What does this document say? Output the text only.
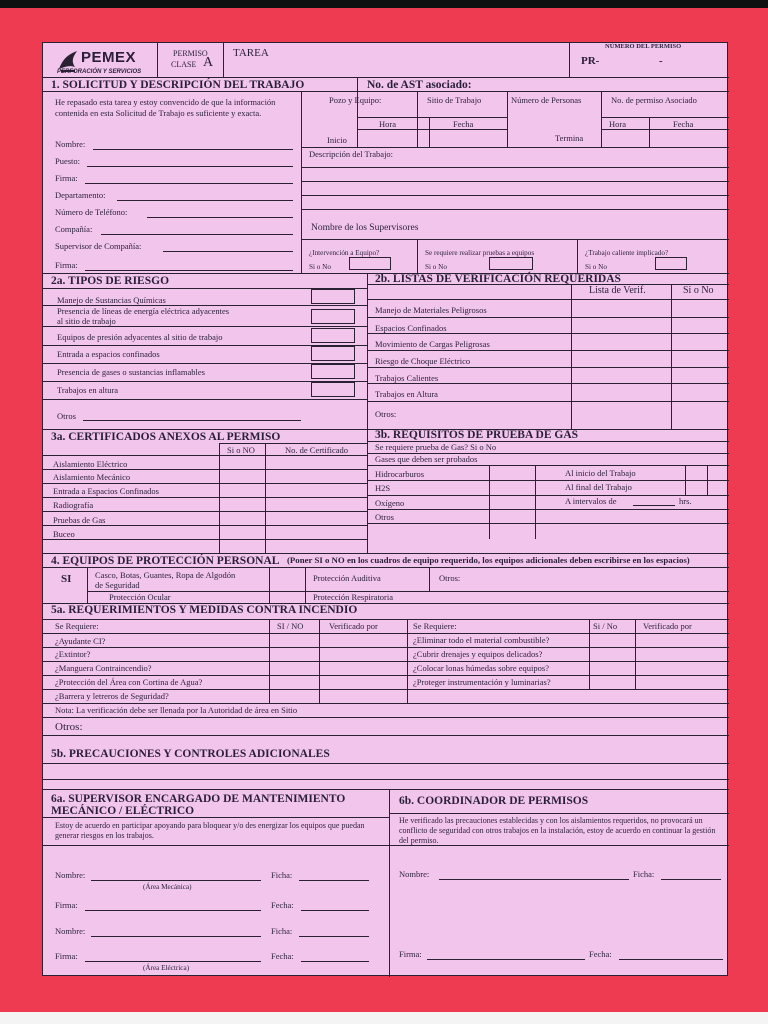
PEMEX
PERFORACIÓN Y SERVICIOS
PERMISO
CLASE A
TAREA
NÚMERO DEL PERMISO
PR-	-
1. SOLICITUD Y DESCRIPCIÓN DEL TRABAJO	No. de AST asociado:
He repasado esta tarea y estoy convencido de que la información contenida en esta Solicitud de Trabajo es suficiente y exacta.
Nombre:
Puesto:
Firma:
Departamento:
Número de Teléfono:
Compañía:
Supervisor de Compañía:
Firma:
Pozo y Equipo:	Sitio de Trabajo	Número de Personas	No. de permiso Asociado
Hora	Fecha	Hora	Fecha
Inicio	Termina
Descripción del Trabajo:
Nombre de los Supervisores
¿Intervención a Equipo?
Si o No
Se requiere realizar pruebas a equipos
Si o No
¿Trabajo caliente implicado?
Si o No
2a. TIPOS DE RIESGO	2b. LISTAS DE VERIFICACIÓN REQUERIDAS
Manejo de Sustancias Químicas
Presencia de líneas de energía eléctrica adyacentes
al sitio de trabajo
Equipos de presión adyacentes al sitio de trabajo
Entrada a espacios confinados
Presencia de gases o sustancias inflamables
Trabajos en altura
Otros
Lista de Verif.	Si o No
Manejo de Materiales Peligrosos
Espacios Confinados
Movimiento de Cargas Peligrosas
Riesgo de Choque Eléctrico
Trabajos Calientes
Trabajos en Altura
Otros:
3a. CERTIFICADOS ANEXOS AL PERMISO	3b. REQUISITOS DE PRUEBA DE GAS
Si o NO	No. de Certificado
Aislamiento Eléctrico
Aislamiento Mecánico
Entrada a Espacios Confinados
Radiografía
Pruebas de Gas
Buceo
Se requiere prueba de Gas? Si o No
Gases que deben ser probados
Hidrocarburos	Al inicio del Trabajo
H2S	Al final del Trabajo
Oxígeno	A intervalos de	hrs.
Otros
4. EQUIPOS DE PROTECCIÓN PERSONAL (Poner SI o NO en los cuadros de equipo requerido, los equipos adicionales deben escribirse en los espacios)
SI	Casco, Botas, Guantes, Ropa de Algodón
de Seguridad
Protección Auditiva	Otros:
Protección Ocular	Protección Respiratoria
5a. REQUERIMIENTOS Y MEDIDAS CONTRA INCENDIO
Se Requiere:	SI / NO	Verificado por	Se Requiere:	Si / No	Verificado por
¿Ayudante CI?	¿Eliminar todo el material combustible?
¿Extintor?	¿Cubrir drenajes y equipos delicados?
¿Manguera Contraincendio?	¿Colocar lonas húmedas sobre equipos?
¿Protección del Área con Cortina de Agua?	¿Proteger instrumentación y luminarias?
¿Barrera y letreros de Seguridad?
Nota: La verificación debe ser llenada por la Autoridad de área en Sitio
Otros:
5b. PRECAUCIONES Y CONTROLES ADICIONALES
6a. SUPERVISOR ENCARGADO DE MANTENIMIENTO
MECÁNICO / ELÉCTRICO
6b. COORDINADOR DE PERMISOS
Estoy de acuerdo en participar apoyando para bloquear y/o des energizar los equipos que puedan generar riesgos en los trabajos.
He verificado las precauciones establecidas y con los aislamientos requeridos, no provocará un conflicto de seguridad con otros trabajos en la instalación, estoy de acuerdo en continuar la gestión del permiso.
Nombre:	Ficha:
(Área Mecánica)
Firma:	Fecha:
Nombre:	Ficha:
Firma:	Fecha:
(Área Eléctrica)
Nombre:	Ficha:
Firma:	Fecha:
